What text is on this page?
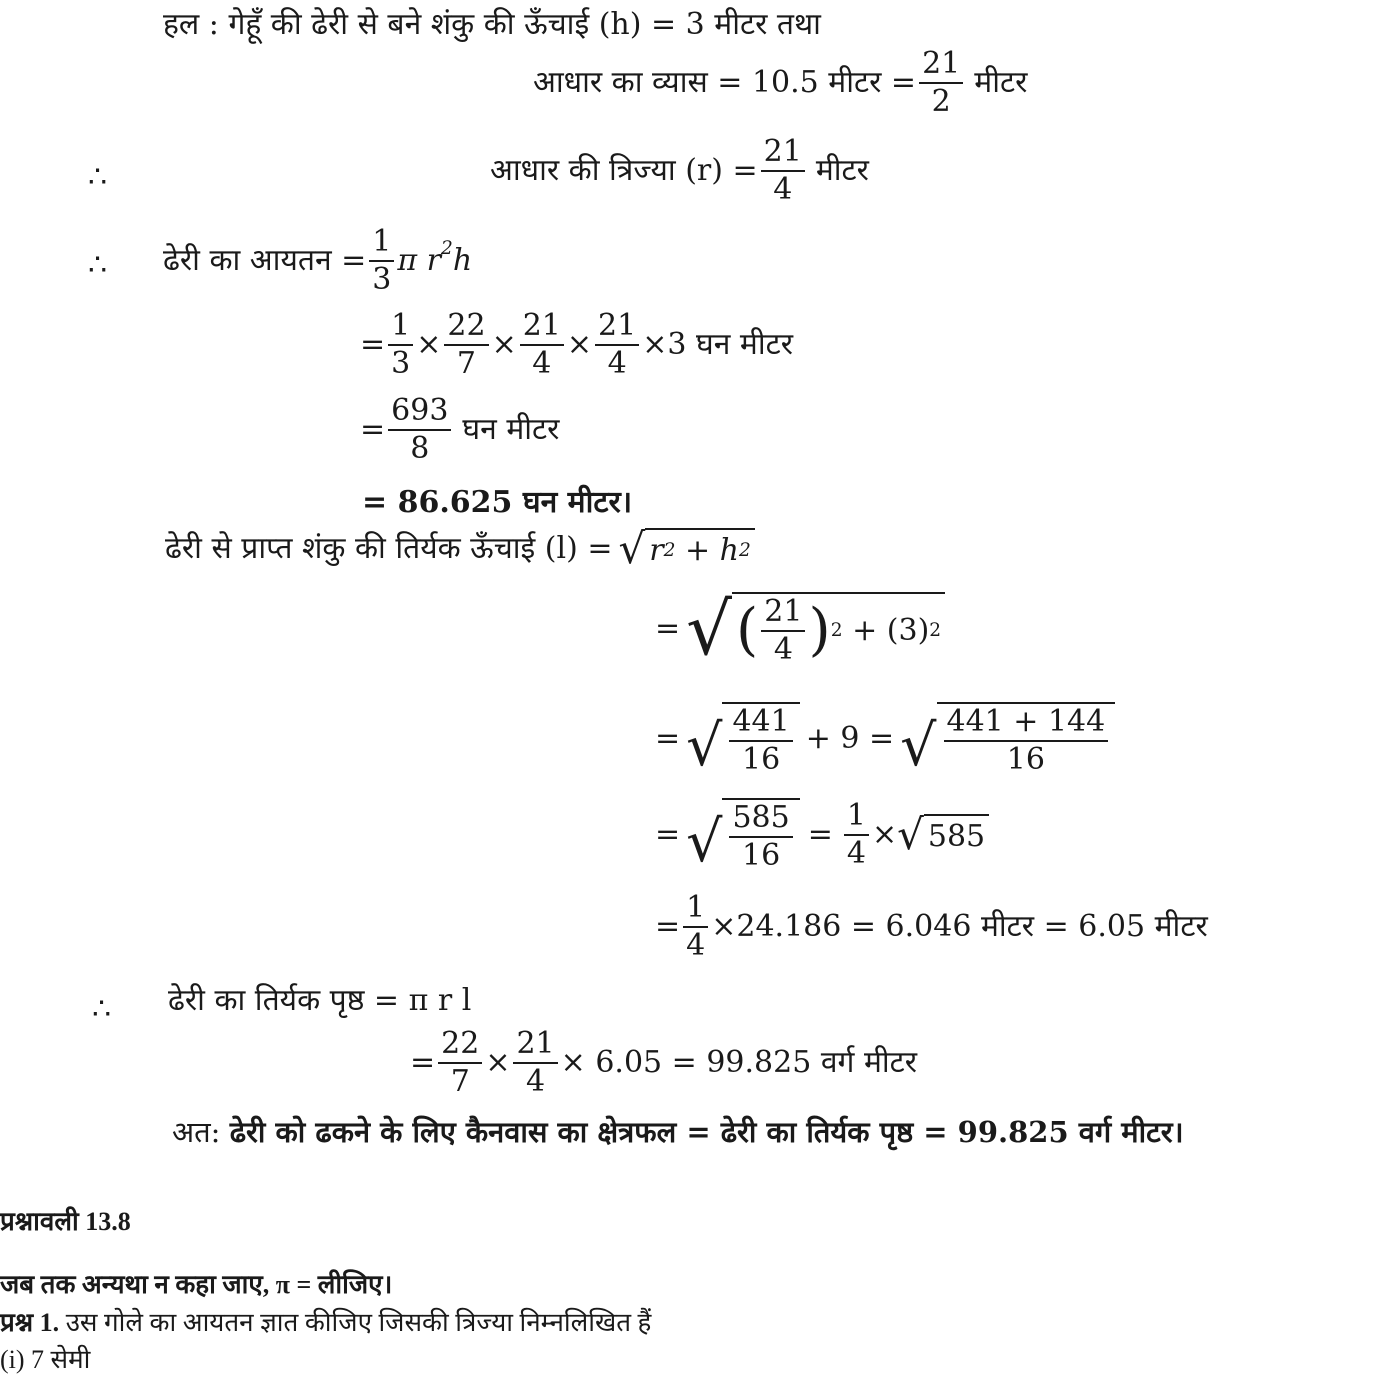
हल : गेहूँ की ढेरी से बने शंकु की ऊँचाई (h) = 3 मीटर तथा
आधार का व्यास = 10.5 मीटर = $\frac{21}{2}$ मीटर
∴	आधार की त्रिज्या $(r) = \frac{21}{4}$ मीटर
∴ ढेरी का आयतन = $\frac{1}{3}$ π $r^2h$
= $\frac{1}{3} \times \frac{22}{7} \times \frac{21}{4} \times \frac{21}{4} \times 3$ घन मीटर
= $\frac{693}{8}$ घन मीटर
= 86.625 घन मीटर।
ढेरी से प्राप्त शंकु की तिर्यक ऊँचाई (l) = √ r 2
+ h 2
= √ ( $\frac{21}{4}$ ) 2
+ (3) 2
= √ $\frac{441}{16} + 9$ = √ $\frac{441 + 144}{16}$
= √ $\frac{585}{16} = \frac{1}{4}$ × √ 585
= $\frac{1}{4} \times 24.186 = 6.046$ मीटर = 6.05 मीटर
∴ ढेरी का तिर्यक पृष्ठ = π r l
= $\frac{22}{7} \times \frac{21}{4} \times 6.05 = 99.825$ वर्ग मीटर
अत: ढेरी को ढकने के लिए कैनवास का क्षेत्रफल = ढेरी का तिर्यक पृष्ठ = 99.825 वर्ग मीटर।
प्रश्नावली 13.8
जब तक अन्यथा न कहा जाए, π = लीजिए।
प्रश्न 1. उस गोले का आयतन ज्ञात कीजिए जिसकी त्रिज्या निम्नलिखित हैं
(i) 7 सेमी
